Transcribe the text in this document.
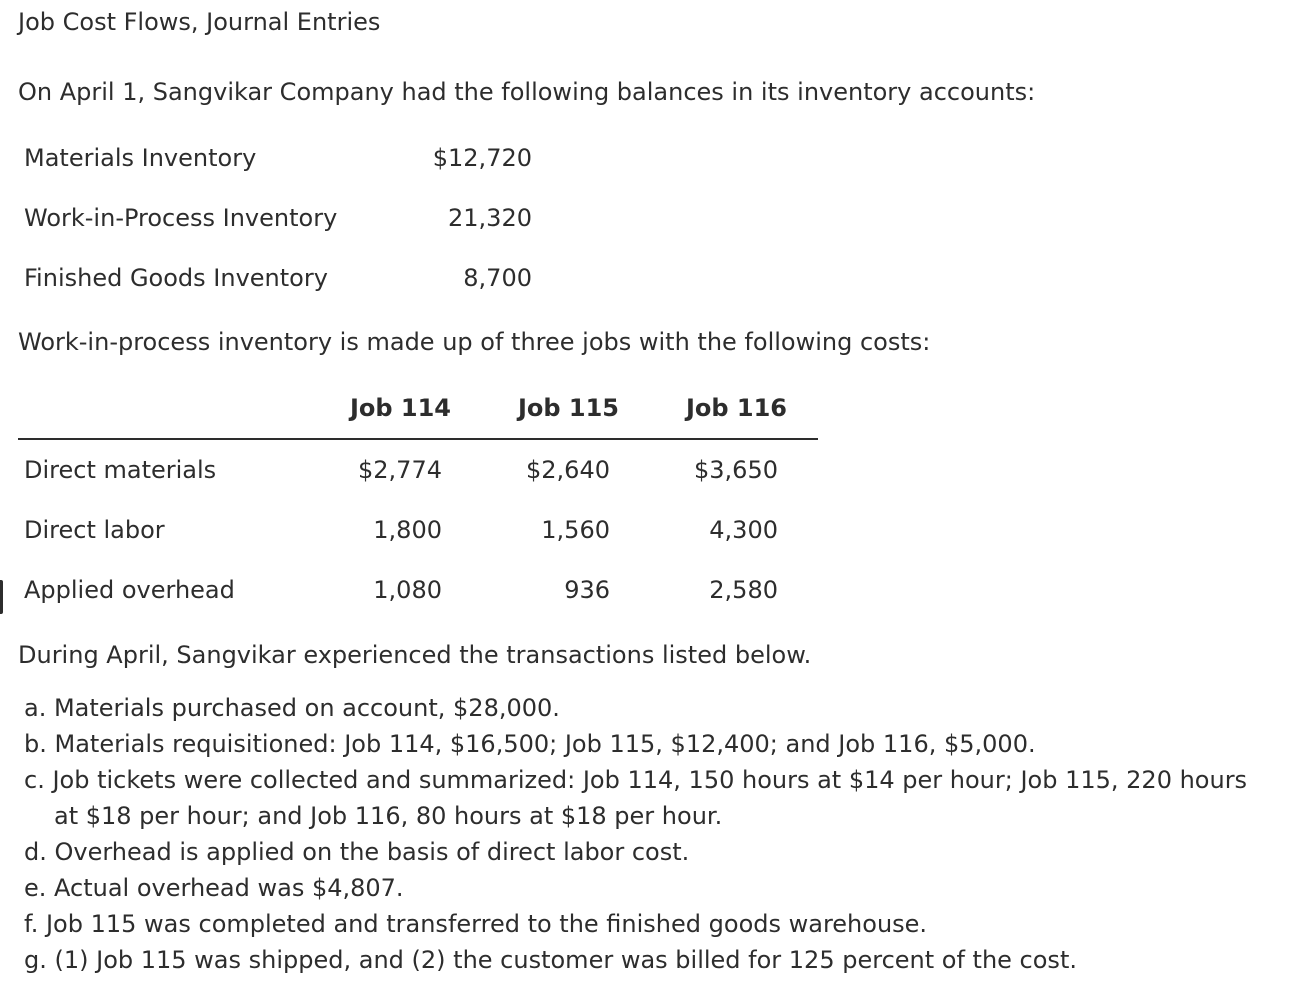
Job Cost Flows, Journal Entries
On April 1, Sangvikar Company had the following balances in its inventory accounts:
Materials Inventory	$12,720
Work-in-Process Inventory	21,320
Finished Goods Inventory	8,700
Work-in-process inventory is made up of three jobs with the following costs:
Job 114	Job 115	Job 116
Direct materials	$2,774	$2,640	$3,650
Direct labor	1,800	1,560	4,300
Applied overhead	1,080	936	2,580
During April, Sangvikar experienced the transactions listed below.
a. Materials purchased on account, $28,000.
b. Materials requisitioned: Job 114, $16,500; Job 115, $12,400; and Job 116, $5,000.
c. Job tickets were collected and summarized: Job 114, 150 hours at $14 per hour; Job 115, 220 hours
at $18 per hour; and Job 116, 80 hours at $18 per hour.
d. Overhead is applied on the basis of direct labor cost.
e. Actual overhead was $4,807.
f. Job 115 was completed and transferred to the finished goods warehouse.
g. (1) Job 115 was shipped, and (2) the customer was billed for 125 percent of the cost.
